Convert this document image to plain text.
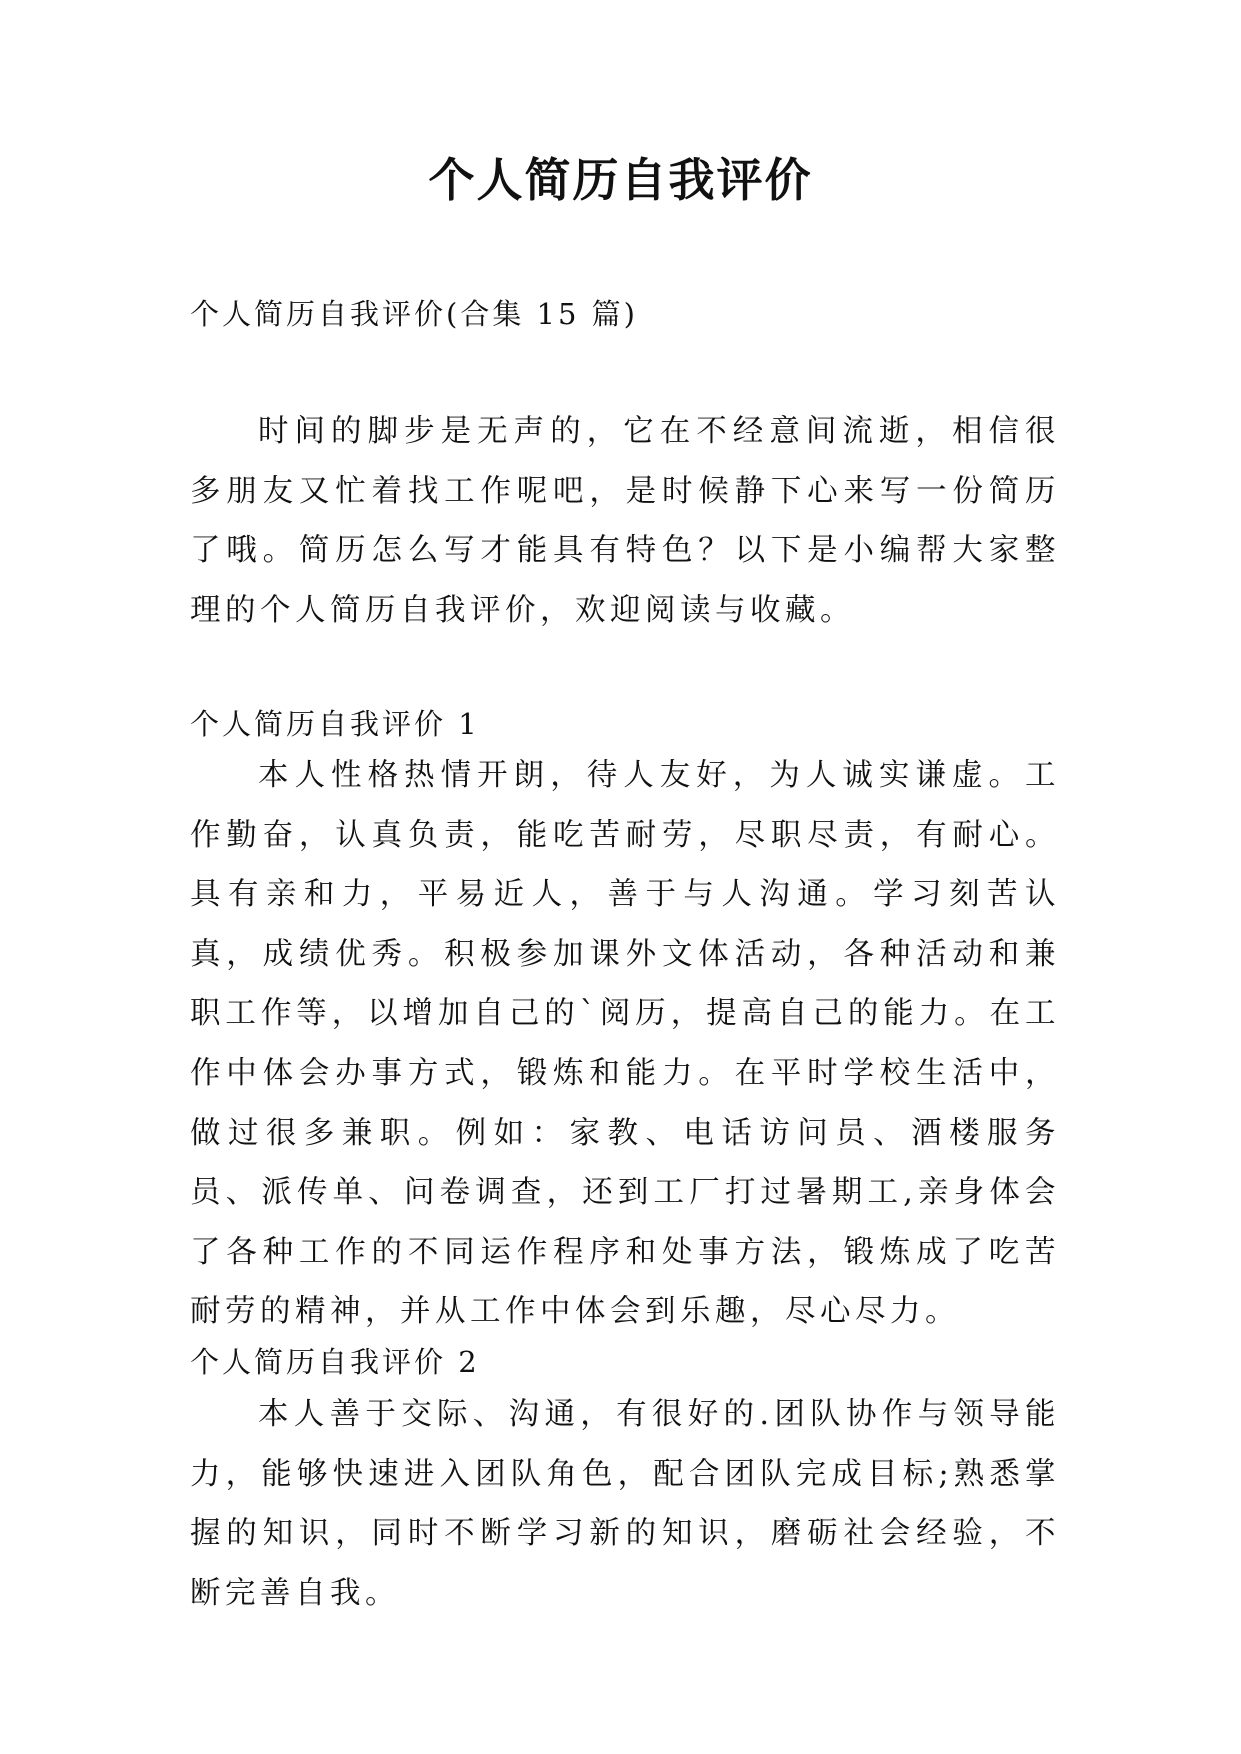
个人简历自我评价

个人简历自我评价(合集 15 篇)

时间的脚步是无声的，它在不经意间流逝，相信很多朋友又忙着找工作呢吧，是时候静下心来写一份简历了哦。简历怎么写才能具有特色？以下是小编帮大家整理的个人简历自我评价，欢迎阅读与收藏。

个人简历自我评价 1

本人性格热情开朗，待人友好，为人诚实谦虚。工作勤奋，认真负责，能吃苦耐劳，尽职尽责，有耐心。具有亲和力，平易近人，善于与人沟通。学习刻苦认真，成绩优秀。积极参加课外文体活动，各种活动和兼职工作等，以增加自己的`阅历，提高自己的能力。在工作中体会办事方式，锻炼和能力。在平时学校生活中，做过很多兼职。例如：家教、电话访问员、酒楼服务员、派传单、问卷调查，还到工厂打过暑期工,亲身体会了各种工作的不同运作程序和处事方法，锻炼成了吃苦耐劳的精神，并从工作中体会到乐趣，尽心尽力。

个人简历自我评价 2

本人善于交际、沟通，有很好的.团队协作与领导能力，能够快速进入团队角色，配合团队完成目标;熟悉掌握的知识，同时不断学习新的知识，磨砺社会经验，不断完善自我。
